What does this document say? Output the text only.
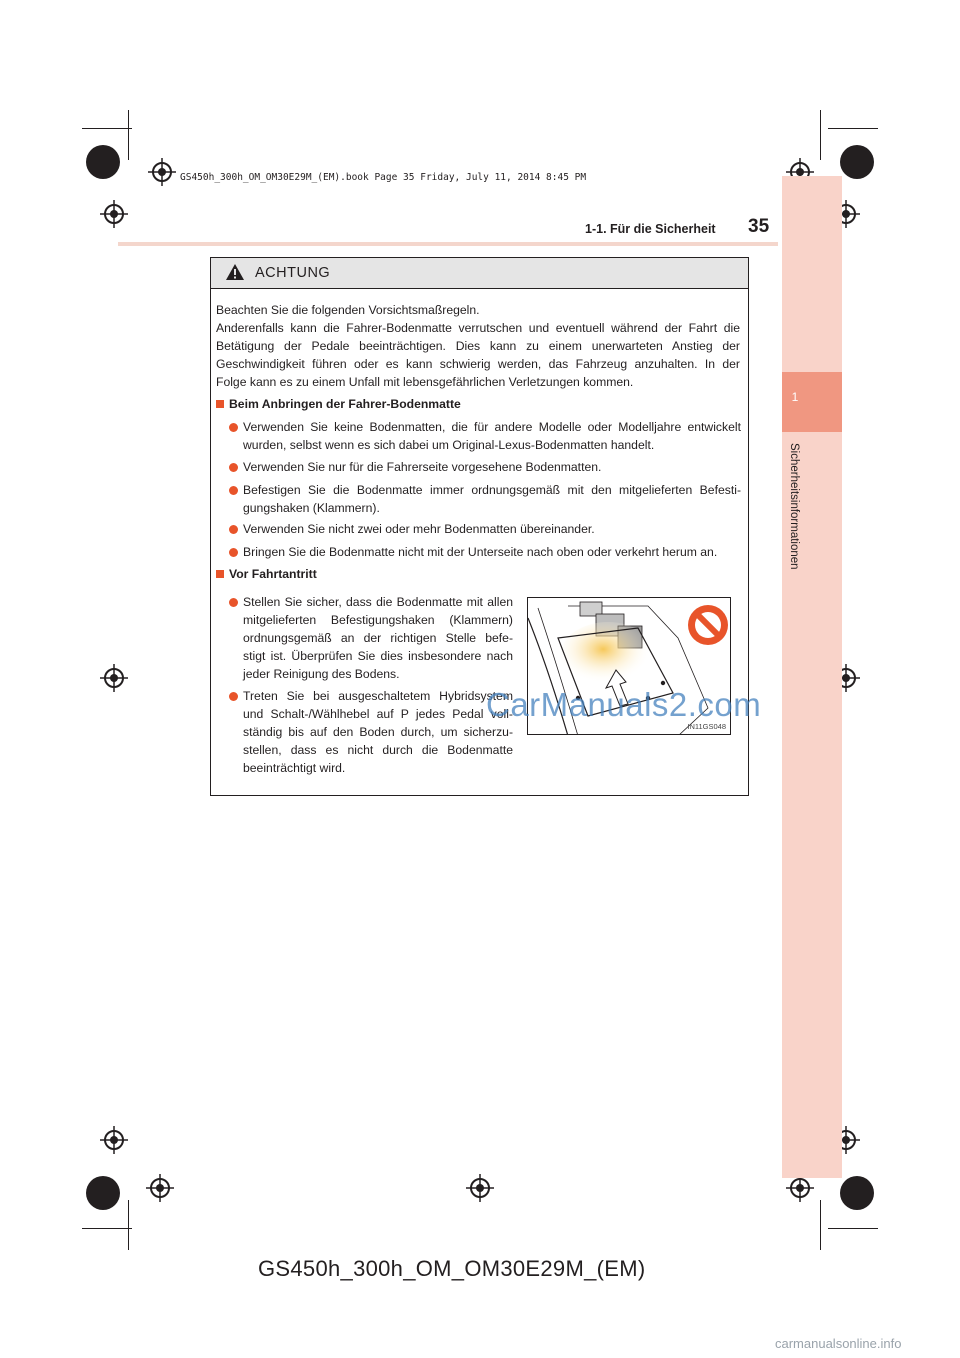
GS450h_300h_OM_OM30E29M_(EM).book Page 35 Friday, July 11, 2014 8:45 PM
1
Sicherheitsinformationen
1-1. Für die Sicherheit 35
ACHTUNG
Beachten Sie die folgenden Vorsichtsmaßregeln.
Anderenfalls kann die Fahrer-Bodenmatte verrutschen und eventuell während der Fahrt die
Betätigung der Pedale beeinträchtigen. Dies kann zu einem unerwarteten Anstieg der
Geschwindigkeit führen oder es kann schwierig werden, das Fahrzeug anzuhalten. In der
Folge kann es zu einem Unfall mit lebensgefährlichen Verletzungen kommen.
Beim Anbringen der Fahrer-Bodenmatte
Verwenden Sie keine Bodenmatten, die für andere Modelle oder Modelljahre entwickelt
wurden, selbst wenn es sich dabei um Original-Lexus-Bodenmatten handelt.
Verwenden Sie nur für die Fahrerseite vorgesehene Bodenmatten.
Befestigen Sie die Bodenmatte immer ordnungsgemäß mit den mitgelieferten Befesti-
gungshaken (Klammern).
Verwenden Sie nicht zwei oder mehr Bodenmatten übereinander.
Bringen Sie die Bodenmatte nicht mit der Unterseite nach oben oder verkehrt herum an.
Vor Fahrtantritt
Stellen Sie sicher, dass die Bodenmatte mit allen
mitgelieferten Befestigungshaken (Klammern)
ordnungsgemäß an der richtigen Stelle befe-
stigt ist. Überprüfen Sie dies insbesondere nach
jeder Reinigung des Bodens.
Treten Sie bei ausgeschaltetem Hybridsystem
und Schalt-/Wählhebel auf P jedes Pedal voll-
ständig bis auf den Boden durch, um sicherzu-
stellen, dass es nicht durch die Bodenmatte
beeinträchtigt wird.
IN11GS048
CarManuals2.com
GS450h_300h_OM_OM30E29M_(EM)
carmanualsonline.info
